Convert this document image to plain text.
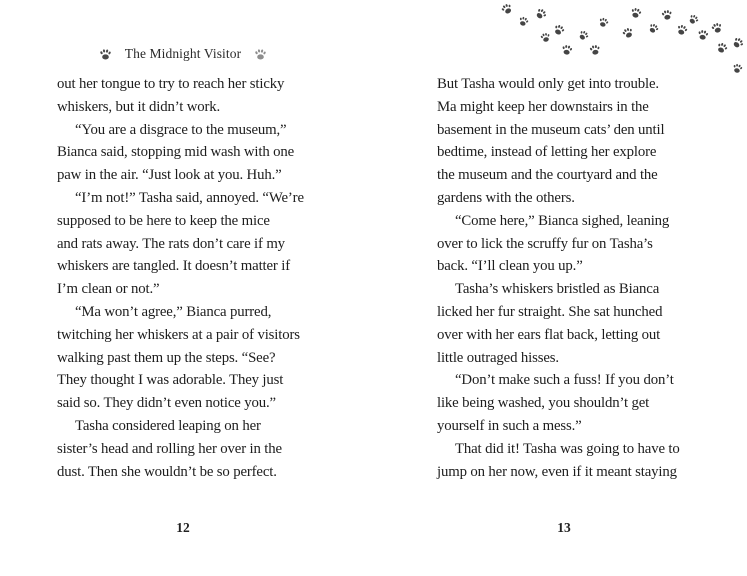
The Midnight Visitor
out her tongue to try to reach her sticky
whiskers, but it didn’t work.
“You are a disgrace to the museum,”
Bianca said, stopping mid wash with one
paw in the air. “Just look at you. Huh.”
“I’m not!” Tasha said, annoyed. “We’re
supposed to be here to keep the mice
and rats away. The rats don’t care if my
whiskers are tangled. It doesn’t matter if
I’m clean or not.”
“Ma won’t agree,” Bianca purred,
twitching her whiskers at a pair of visitors
walking past them up the steps. “See?
They thought I was adorable. They just
said so. They didn’t even notice you.”
Tasha considered leaping on her
sister’s head and rolling her over in the
dust. Then she wouldn’t be so perfect.
12
But Tasha would only get into trouble.
Ma might keep her downstairs in the
basement in the museum cats’ den until
bedtime, instead of letting her explore
the museum and the courtyard and the
gardens with the others.
“Come here,” Bianca sighed, leaning
over to lick the scruffy fur on Tasha’s
back. “I’ll clean you up.”
Tasha’s whiskers bristled as Bianca
licked her fur straight. She sat hunched
over with her ears flat back, letting out
little outraged hisses.
“Don’t make such a fuss! If you don’t
like being washed, you shouldn’t get
yourself in such a mess.”
That did it! Tasha was going to have to
jump on her now, even if it meant staying
13
